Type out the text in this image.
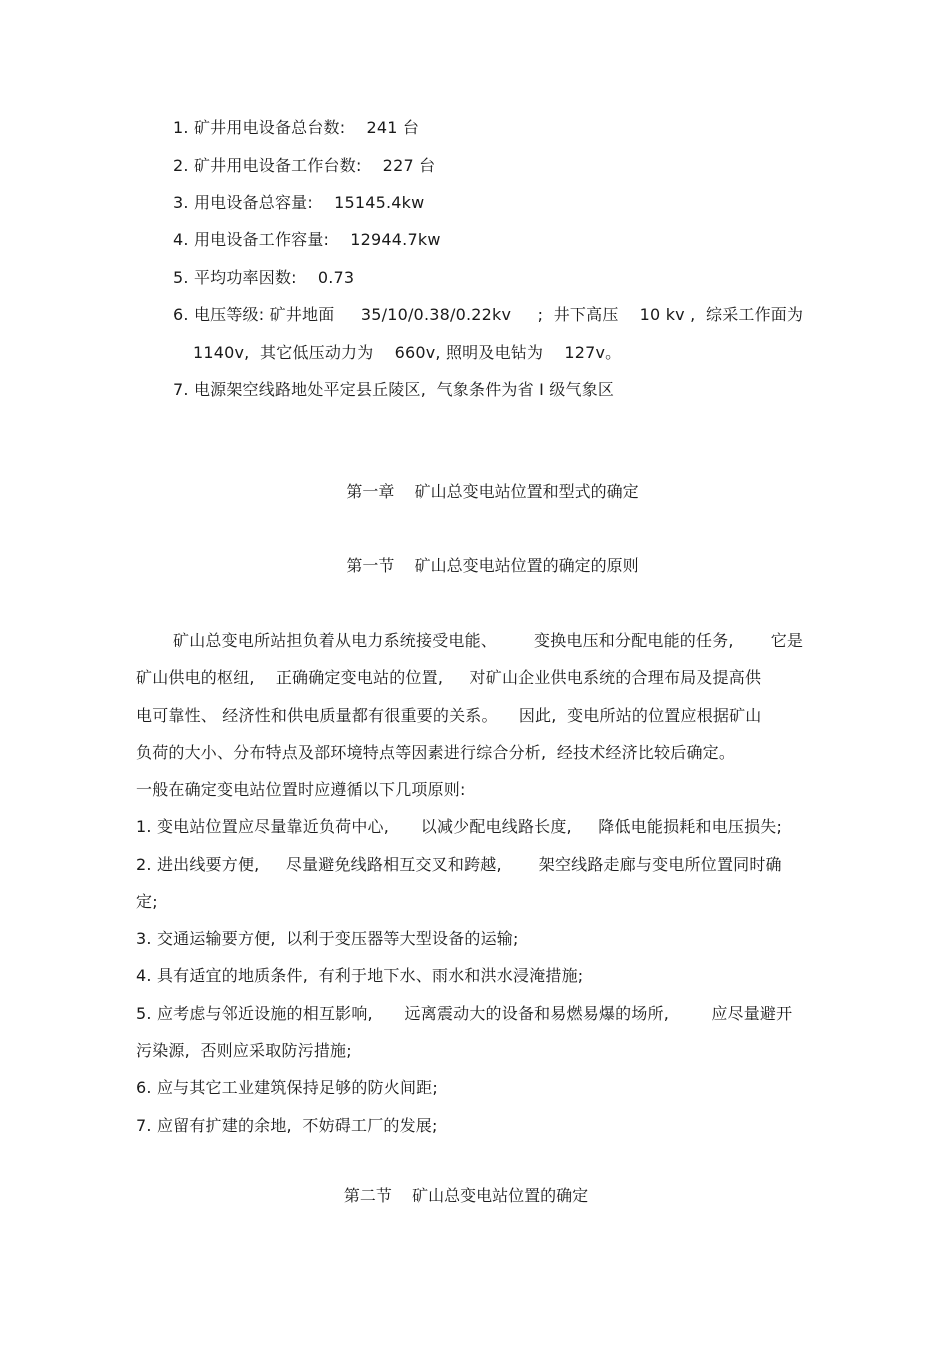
1. 矿井用电设备总台数:    241 台
2. 矿井用电设备工作台数:    227 台
3. 用电设备总容量:    15145.4kw
4. 用电设备工作容量:    12944.7kw
5. 平均功率因数:    0.73
6. 电压等级: 矿井地面     35/10/0.38/0.22kv     ;  井下高压    10 kv ,  综采工作面为
1140v,  其它低压动力为    660v, 照明及电钻为    127v。
7. 电源架空线路地处平定县丘陵区,  气象条件为省 I 级气象区
第一章    矿山总变电站位置和型式的确定
第一节    矿山总变电站位置的确定的原则
矿山总变电所站担负着从电力系统接受电能、       变换电压和分配电能的任务,       它是
矿山供电的枢纽,    正确确定变电站的位置,     对矿山企业供电系统的合理布局及提高供
电可靠性、 经济性和供电质量都有很重要的关系。    因此,  变电所站的位置应根据矿山
负荷的大小、分布特点及部环境特点等因素进行综合分析,  经技术经济比较后确定。
一般在确定变电站位置时应遵循以下几项原则:
1. 变电站位置应尽量靠近负荷中心,      以减少配电线路长度,     降低电能损耗和电压损失;
2. 进出线要方便,     尽量避免线路相互交叉和跨越,       架空线路走廊与变电所位置同时确
定;
3. 交通运输要方便,  以利于变压器等大型设备的运输;
4. 具有适宜的地质条件,  有利于地下水、雨水和洪水浸淹措施;
5. 应考虑与邻近设施的相互影响,      远离震动大的设备和易燃易爆的场所,        应尽量避开
污染源,  否则应采取防污措施;
6. 应与其它工业建筑保持足够的防火间距;
7. 应留有扩建的余地,  不妨碍工厂的发展;
第二节    矿山总变电站位置的确定
